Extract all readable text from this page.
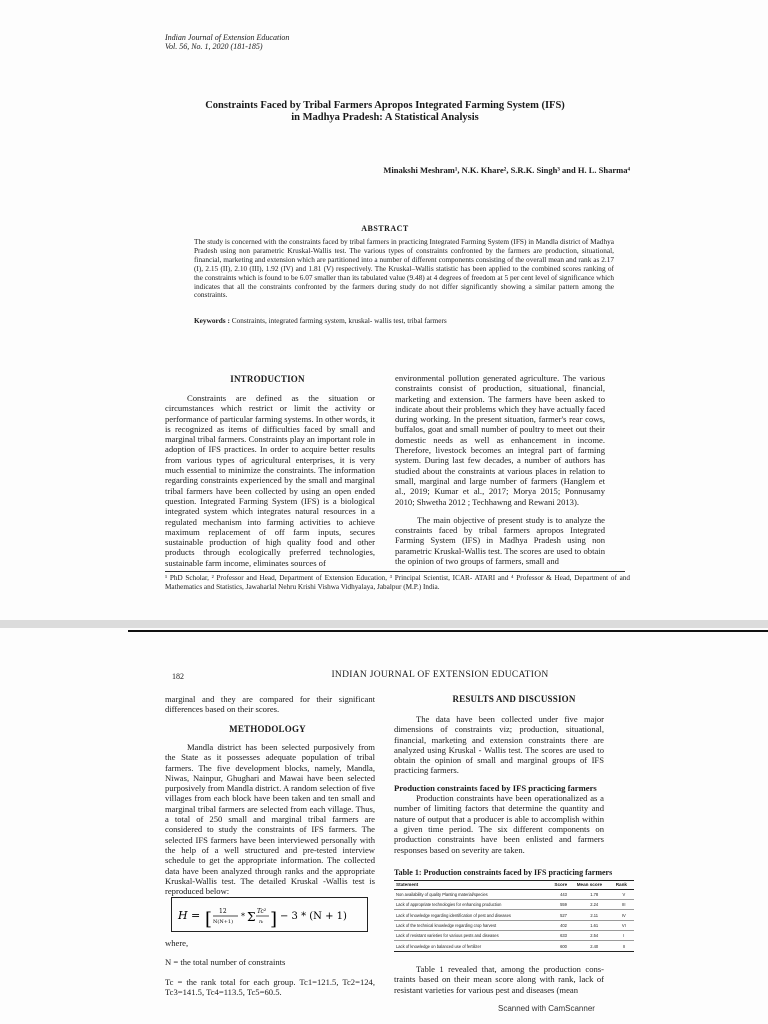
Indian Journal of Extension Education
Vol. 56, No. 1, 2020 (181-185)
Constraints Faced by Tribal Farmers Apropos Integrated Farming System (IFS)
in Madhya Pradesh: A Statistical Analysis
Minakshi Meshram¹, N.K. Khare², S.R.K. Singh³ and H. L. Sharma⁴
ABSTRACT
The study is concerned with the constraints faced by tribal farmers in practicing Integrated Farming System (IFS) in Mandla district of Madhya Pradesh using non parametric Kruskal-Wallis test. The various types of constraints confronted by the farmers are production, situational, financial, marketing and extension which are partitioned into a number of different components consisting of the overall mean and rank as 2.17 (I), 2.15 (II), 2.10 (III), 1.92 (IV) and 1.81 (V) respectively. The Kruskal–Wallis statistic has been applied to the combined scores ranking of the constraints which is found to be 6.07 smaller than its tabulated value (9.48) at 4 degrees of freedom at 5 per cent level of significance which indicates that all the constraints confronted by the farmers during study do not differ significantly showing a similar pattern among the constraints.
Keywords : Constraints, integrated farming system, kruskal- wallis test, tribal farmers
INTRODUCTION

Constraints are defined as the situation or circumstances which restrict or limit the activity or performance of particular farming systems. In other words, it is recognized as items of difficulties faced by small and marginal tribal farmers. Constraints play an important role in adoption of IFS practices. In order to acquire better results from various types of agricultural enterprises, it is very much essential to minimize the constraints. The information regarding constraints experienced by the small and marginal tribal farmers have been collected by using an open ended question. Integrated Farming System (IFS) is a biological integrated system which integrates natural resources in a regulated mechanism into farming activities to achieve maximum replacement of off farm inputs, secures sustainable production of high quality food and other products through ecologically preferred technologies, sustainable farm income, eliminates sources of

environmental pollution generated agriculture. The various constraints consist of production, situational, financial, marketing and extension. The farmers have been asked to indicate about their problems which they have actually faced during working. In the present situation, farmer's rear cows, buffalos, goat and small number of poultry to meet out their domestic needs as well as enhancement in income. Therefore, livestock becomes an integral part of farming system. During last few decades, a number of authors has studied about the constraints at various places in relation to small, marginal and large number of farmers (Hanglem et al., 2019; Kumar et al., 2017; Morya 2015; Ponnusamy 2010; Shwetha 2012 ; Techhawng and Rewani 2013).

The main objective of present study is to analyze the constraints faced by tribal farmers apropos Integrated Farming System (IFS) in Madhya Pradesh using non parametric Kruskal-Wallis test. The scores are used to obtain the opinion of two groups of farmers, small and

¹ PhD Scholar, ² Professor and Head, Department of Extension Education, ³ Principal Scientist, ICAR- ATARI and ⁴ Professor & Head, Department of and Mathematics and Statistics, Jawaharlal Nehru Krishi Vishwa Vidhyalaya, Jabalpur (M.P.) India.
182	INDIAN JOURNAL OF EXTENSION EDUCATION

marginal and they are compared for their significant differences based on their scores.

METHODOLOGY

Mandla district has been selected purposively from the State as it possesses adequate population of tribal farmers. The five development blocks, namely, Mandla, Niwas, Nainpur, Ghughari and Mawai have been selected purposively from Mandla district. A random selection of five villages from each block have been taken and ten small and marginal tribal farmers are selected from each village. Thus, a total of 250 small and marginal tribal farmers are considered to study the constraints of IFS farmers. The selected IFS farmers have been interviewed personally with the help of a well structured and pre-tested interview schedule to get the appropriate information. The collected data have been analyzed through ranks and the appropriate Kruskal-Wallis test. The detailed Kruskal -Wallis test is reproduced below:

H = [ 12
N(N+1)
* Σ Tc²
nᵢ ] − 3 * (N + 1)

where,

N = the total number of constraints

Tc = the rank total for each group. Tc1=121.5, Tc2=124, Tc3=141.5, Tc4=113.5, Tc5=60.5.

RESULTS AND DISCUSSION

The data have been collected under five major dimensions of constraints viz; production, situational, financial, marketing and extension constraints there are analyzed using Kruskal - Wallis test. The scores are used to obtain the opinion of small and marginal groups of IFS practicing farmers.

Production constraints faced by IFS practicing farmers

Production constraints have been operationalized as a number of limiting factors that determine the quantity and nature of output that a producer is able to accomplish within a given time period. The six different components on production constraints have been enlisted and farmers responses based on severity are taken.

Table 1: Production constraints faced by IFS practicing farmers
Statement	Score	Mean score	Rank
Non availability of quality Planting material/species	443	1.78	V
Lack of appropriate technologies for enhancing production	559	2.24	III
Lack of knowledge regarding identification of pest and diseases	527	2.11	IV
Lack of the technical knowledge regarding crop harvest	402	1.61	VI
Lack of resistant varieties for various pests and diseases	633	2.54	I
Lack of knowledge on balanced use of fertilizer	600	2.40	II

Table 1 revealed that, among the production cons-traints based on their mean score along with rank, lack of resistant varieties for various pest and diseases (mean

Scanned with CamScanner
